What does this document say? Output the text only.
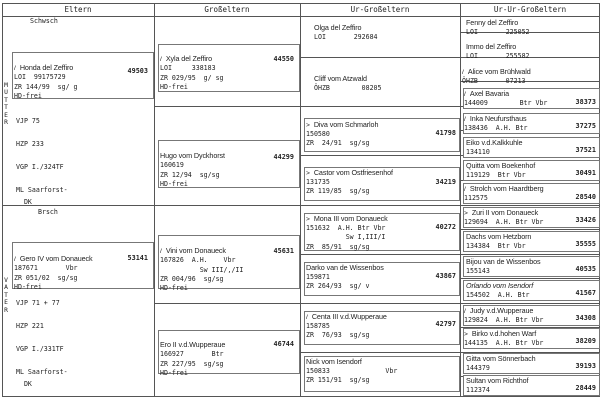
Eltern	Großeltern	Ur-Großeltern	Ur-Ur-Großeltern
M
U
T
T
E
R
V
A
T
E
R
Schwsch

/ Honda del Zeffiro
LOI  99175729
ZR 144/99  sg/ g
HD-frei
49503
VJP 75

HZP 233

VGP I./324TF

ML Saarforst-
DK
Brsch

/ Gero IV vom Donaueck
187671       Vbr
ZR 051/02  sg/sg
HD-frei
53141
VJP 71 + 77

HZP 221

VGP I./331TF

ML Saarforst-
DK

/ Xyla del Zeffiro
LOI     338183
ZR 029/95  g/ sg
HD-frei
44550

Hugo vom Dyckhorst
160619
ZR 12/94  sg/sg
HD-frei
44299

/ Vini vom Donaueck
167826  A.H.    Vbr
Sw III/,/II
ZR 004/96  sg/sg
HD-frei
45631

Ero II v.d.Wupperaue
166927       Btr
ZR 227/95  sg/sg
HD-frei
46744
Olga del Zeffiro
LOI       292684
Cliff vom Atzwald
ÖHZB        08205
> Diva vom Schmarloh
150580
ZR  24/91  sg/sg
41798
> Castor vom Ostfriesenhof
131735
ZR 119/85  sg/sg
34219
> Mona III vom Donaueck
151632  A.H. Btr Vbr
Sw I,III/I
ZR  85/91  sg/sg
40272
Darko van de Wissenbos
159871
ZR 264/93  sg/ v
43867
/ Centa III v.d.Wupperaue
158785
ZR  76/93  sg/sg
42797
Nick vom Isendorf
150833              Vbr
ZR 151/91  sg/sg
Fenny del Zeffiro
LOI       225052
Immo del Zeffiro
LOI       255582
/ Alice vom Brühlwald
ÖHZB       07213
/ Axel Bavaria
144009        Btr Vbr	38373
/ Inka Neufursthaus
138436  A.H. Btr	37275
Eiko v.d.Kalkkuhle
134110	37521
Quitta vom Boekenhof
119129  Btr Vbr	30491
/ Strolch vom Haardtberg
112575	28540
> Zuri II vom Donaueck
129694  A.H. Btr Vbr	33426
Dachs vom Hetzborn
134384  Btr Vbr	35555
Bijou van de Wissenbos
155143	40535
Orlando vom Isendorf
154502  A.H. Btr	41567
/ Judy v.d.Wupperaue
129824  A.H. Btr Vbr	34308
> Birko v.d.hohen Warf
144135  A.H. Btr Vbr	38209
Gitta vom Sönnerbach
144379	39193
Sultan vom Richthof
112374	28449
